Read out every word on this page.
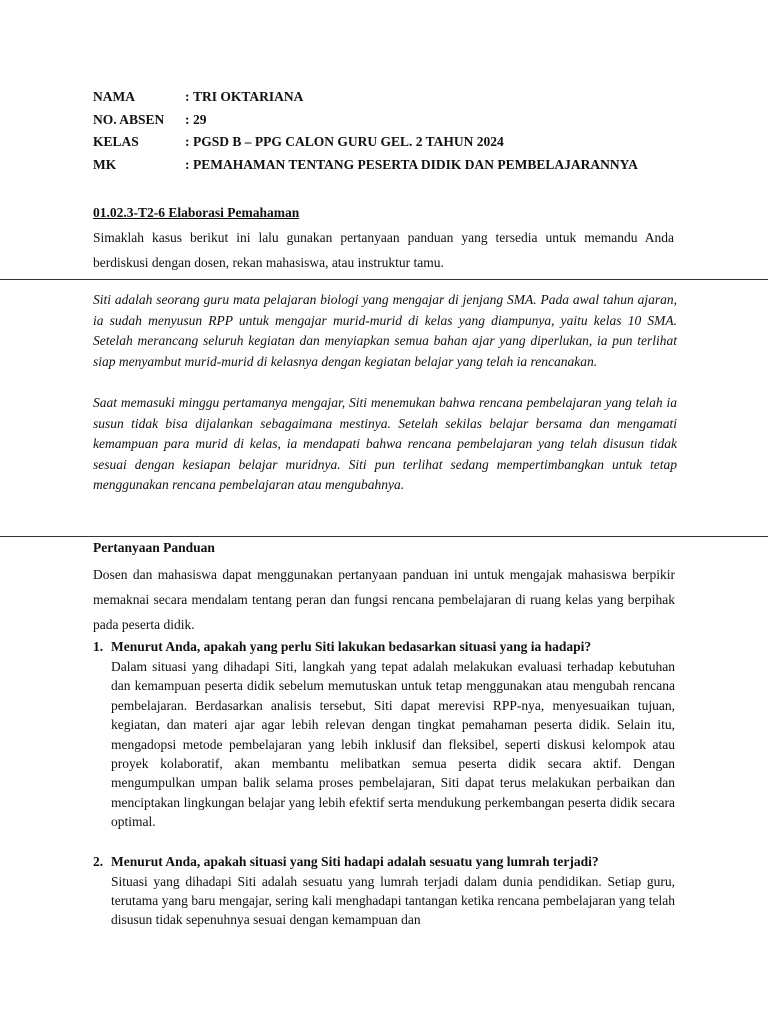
NAMA	: TRI OKTARIANA
NO. ABSEN	: 29
KELAS	: PGSD B – PPG CALON GURU GEL. 2 TAHUN 2024
MK	: PEMAHAMAN TENTANG PESERTA DIDIK DAN PEMBELAJARANNYA
01.02.3-T2-6 Elaborasi Pemahaman

Simaklah kasus berikut ini lalu gunakan pertanyaan panduan yang tersedia untuk memandu Anda berdiskusi dengan dosen, rekan mahasiswa, atau instruktur tamu.

Siti adalah seorang guru mata pelajaran biologi yang mengajar di jenjang SMA. Pada awal tahun ajaran, ia sudah menyusun RPP untuk mengajar murid-murid di kelas yang diampunya, yaitu kelas 10 SMA. Setelah merancang seluruh kegiatan dan menyiapkan semua bahan ajar yang diperlukan, ia pun terlihat siap menyambut murid-murid di kelasnya dengan kegiatan belajar yang telah ia rencanakan.

Saat memasuki minggu pertamanya mengajar, Siti menemukan bahwa rencana pembelajaran yang telah ia susun tidak bisa dijalankan sebagaimana mestinya. Setelah sekilas belajar bersama dan mengamati kemampuan para murid di kelas, ia mendapati bahwa rencana pembelajaran yang telah disusun tidak sesuai dengan kesiapan belajar muridnya. Siti pun terlihat sedang mempertimbangkan untuk tetap menggunakan rencana pembelajaran atau mengubahnya.

Pertanyaan Panduan

Dosen dan mahasiswa dapat menggunakan pertanyaan panduan ini untuk mengajak mahasiswa berpikir memaknai secara mendalam tentang peran dan fungsi rencana pembelajaran di ruang kelas yang berpihak pada peserta didik.

1. Menurut Anda, apakah yang perlu Siti lakukan bedasarkan situasi yang ia hadapi?

Dalam situasi yang dihadapi Siti, langkah yang tepat adalah melakukan evaluasi terhadap kebutuhan dan kemampuan peserta didik sebelum memutuskan untuk tetap menggunakan atau mengubah rencana pembelajaran. Berdasarkan analisis tersebut, Siti dapat merevisi RPP-nya, menyesuaikan tujuan, kegiatan, dan materi ajar agar lebih relevan dengan tingkat pemahaman peserta didik. Selain itu, mengadopsi metode pembelajaran yang lebih inklusif dan fleksibel, seperti diskusi kelompok atau proyek kolaboratif, akan membantu melibatkan semua peserta didik secara aktif. Dengan mengumpulkan umpan balik selama proses pembelajaran, Siti dapat terus melakukan perbaikan dan menciptakan lingkungan belajar yang lebih efektif serta mendukung perkembangan peserta didik secara optimal.

2. Menurut Anda, apakah situasi yang Siti hadapi adalah sesuatu yang lumrah terjadi?

Situasi yang dihadapi Siti adalah sesuatu yang lumrah terjadi dalam dunia pendidikan. Setiap guru, terutama yang baru mengajar, sering kali menghadapi tantangan ketika rencana pembelajaran yang telah disusun tidak sepenuhnya sesuai dengan kemampuan dan
